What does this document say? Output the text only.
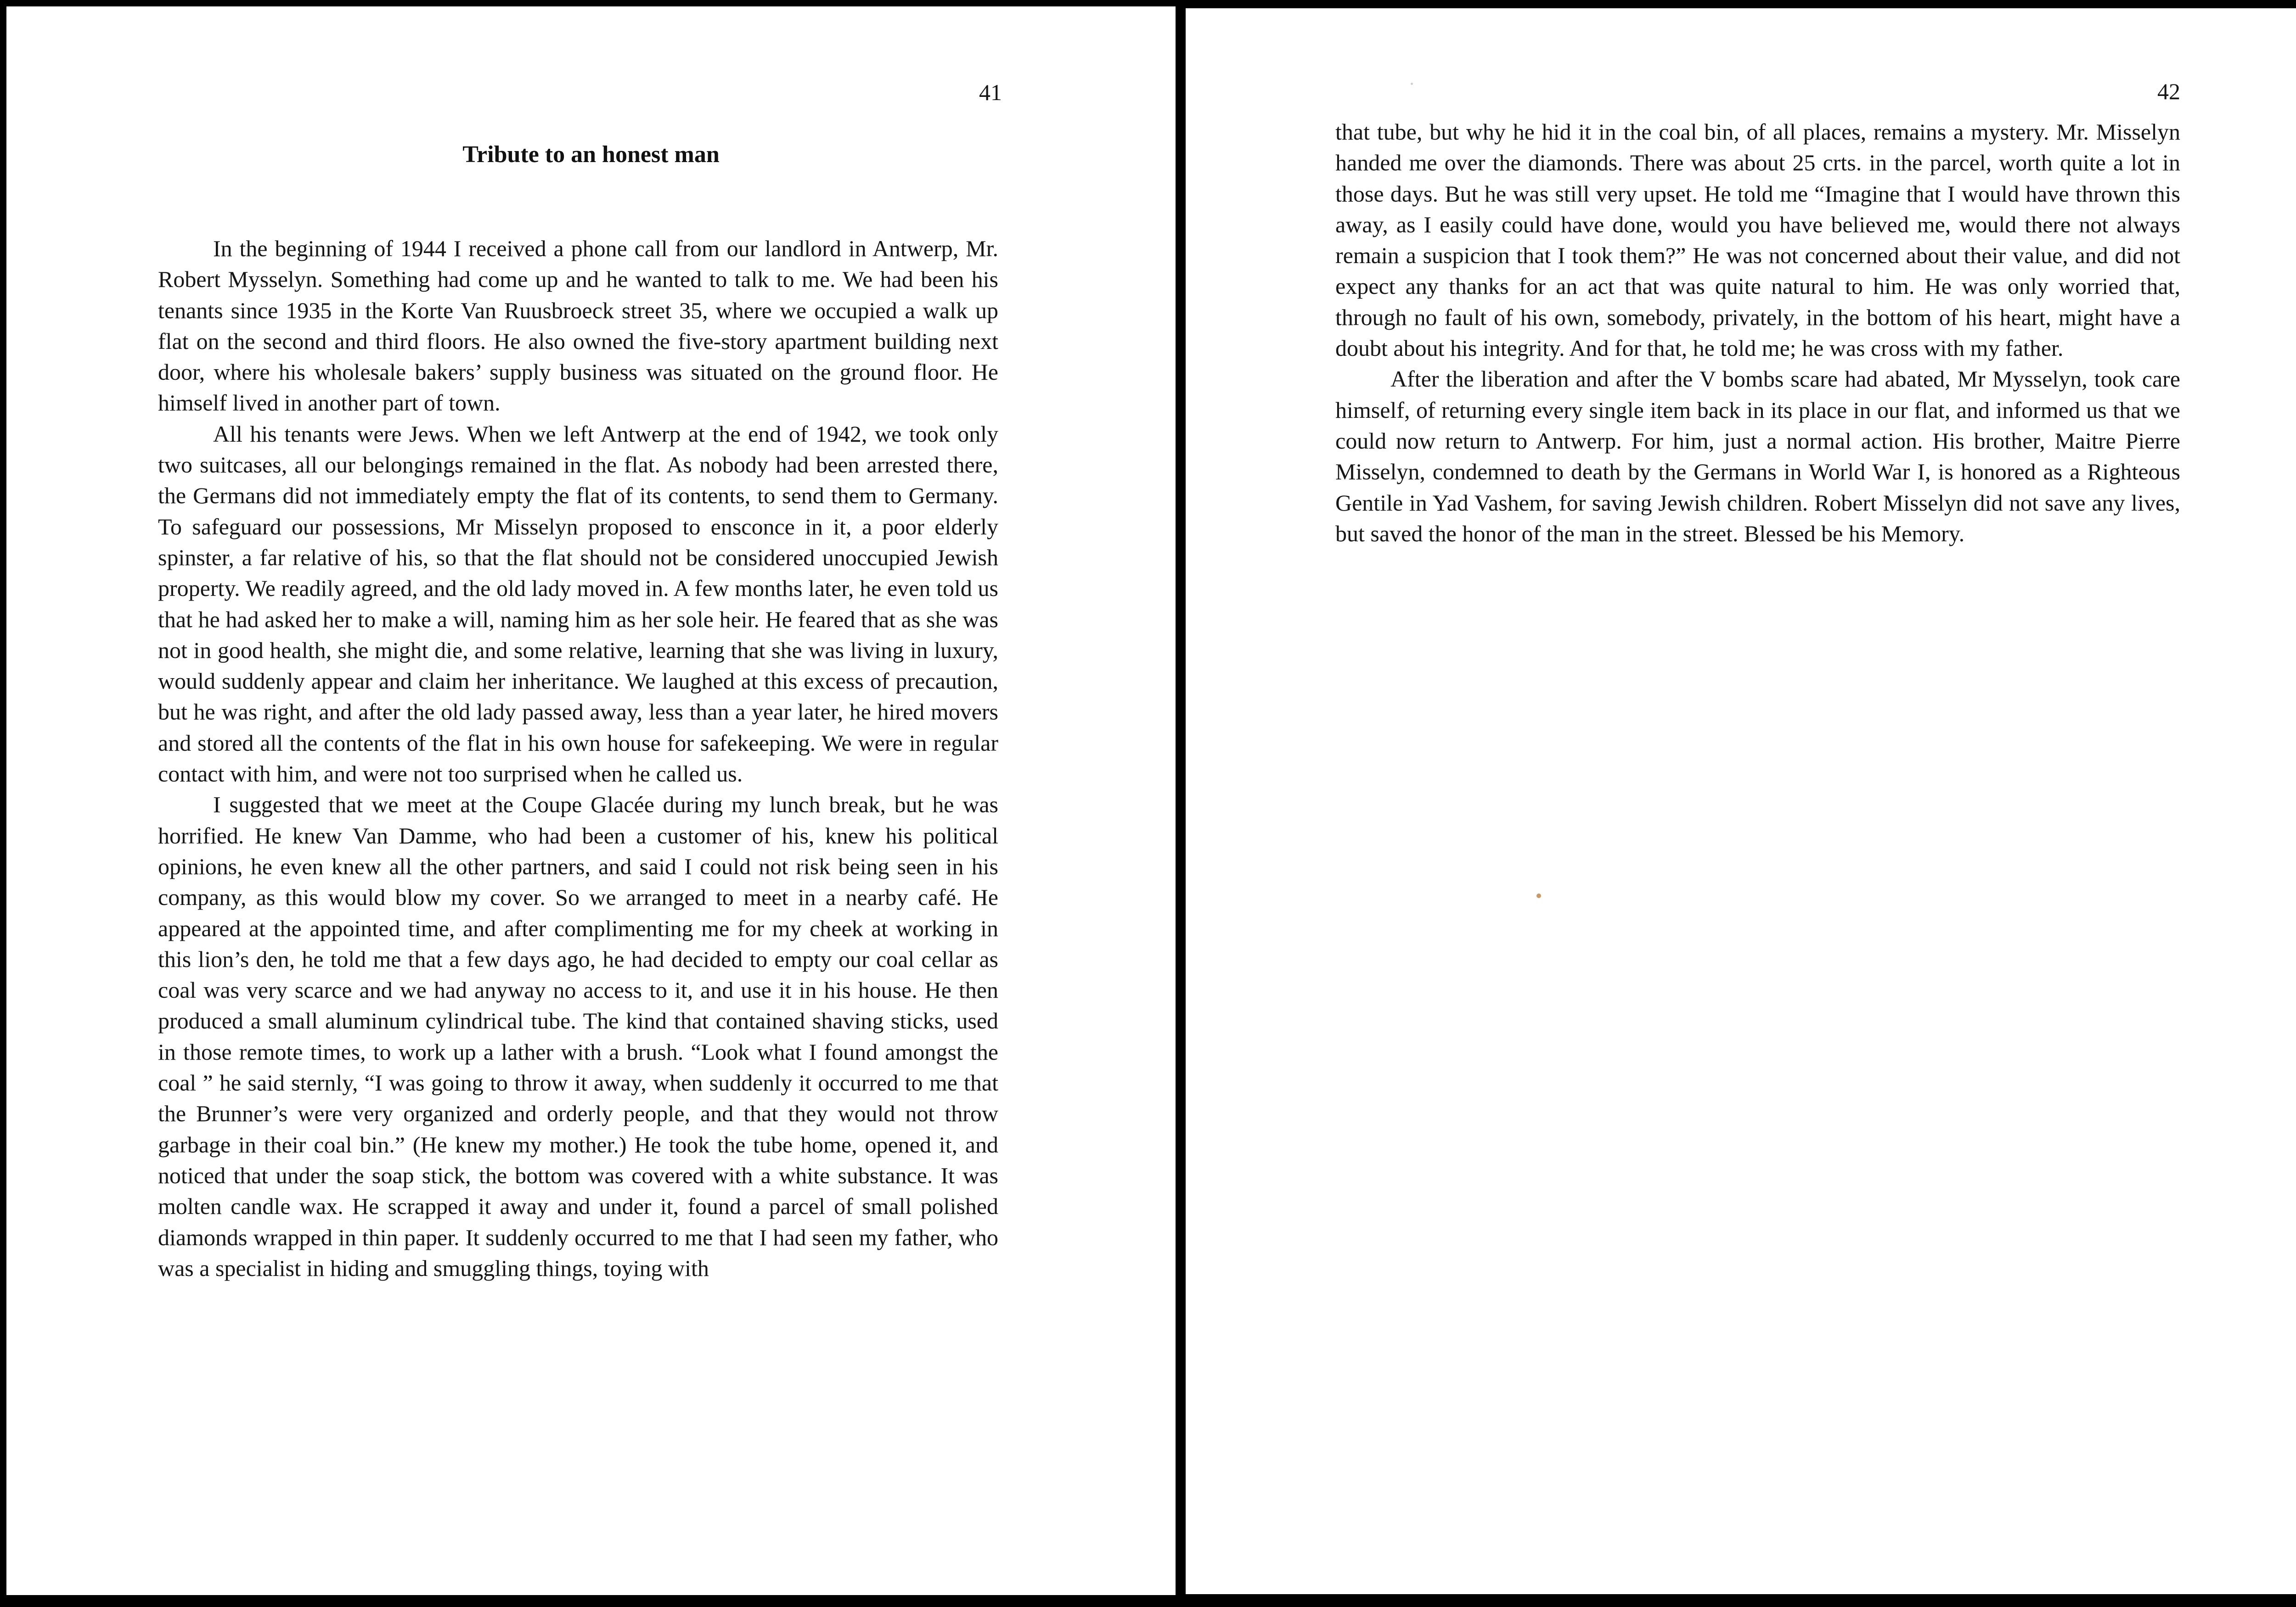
41
Tribute to an honest man

In the beginning of 1944 I received a phone call from our landlord in Antwerp, Mr. Robert Mysselyn. Something had come up and he wanted to talk to me. We had been his tenants since 1935 in the Korte Van Ruusbroeck street 35, where we occupied a walk up flat on the second and third floors. He also owned the five-story apartment building next door, where his wholesale bakers’ supply business was situated on the ground floor. He himself lived in another part of town.

All his tenants were Jews. When we left Antwerp at the end of 1942, we took only two suitcases, all our belongings remained in the flat. As nobody had been arrested there, the Germans did not immediately empty the flat of its contents, to send them to Germany. To safeguard our possessions, Mr Misselyn proposed to ensconce in it, a poor elderly spinster, a far relative of his, so that the flat should not be considered unoccupied Jewish property. We readily agreed, and the old lady moved in. A few months later, he even told us that he had asked her to make a will, naming him as her sole heir. He feared that as she was not in good health, she might die, and some relative, learning that she was living in luxury, would suddenly appear and claim her inheritance. We laughed at this excess of precaution, but he was right, and after the old lady passed away, less than a year later, he hired movers and stored all the contents of the flat in his own house for safekeeping. We were in regular contact with him, and were not too surprised when he called us.

I suggested that we meet at the Coupe Glacée during my lunch break, but he was horrified. He knew Van Damme, who had been a customer of his, knew his political opinions, he even knew all the other partners, and said I could not risk being seen in his company, as this would blow my cover. So we arranged to meet in a nearby café. He appeared at the appointed time, and after complimenting me for my cheek at working in this lion’s den, he told me that a few days ago, he had decided to empty our coal cellar as coal was very scarce and we had anyway no access to it, and use it in his house. He then produced a small aluminum cylindrical tube. The kind that contained shaving sticks, used in those remote times, to work up a lather with a brush. “Look what I found amongst the coal ” he said sternly, “I was going to throw it away, when suddenly it occurred to me that the Brunner’s were very organized and orderly people, and that they would not throw garbage in their coal bin.” (He knew my mother.) He took the tube home, opened it, and noticed that under the soap stick, the bottom was covered with a white substance. It was molten candle wax. He scrapped it away and under it, found a parcel of small polished diamonds wrapped in thin paper. It suddenly occurred to me that I had seen my father, who was a specialist in hiding and smuggling things, toying with

42

that tube, but why he hid it in the coal bin, of all places, remains a mystery. Mr. Misselyn handed me over the diamonds. There was about 25 crts. in the parcel, worth quite a lot in those days. But he was still very upset. He told me “Imagine that I would have thrown this away, as I easily could have done, would you have believed me, would there not always remain a suspicion that I took them?” He was not concerned about their value, and did not expect any thanks for an act that was quite natural to him. He was only worried that, through no fault of his own, somebody, privately, in the bottom of his heart, might have a doubt about his integrity. And for that, he told me; he was cross with my father.

After the liberation and after the V bombs scare had abated, Mr Mysselyn, took care himself, of returning every single item back in its place in our flat, and informed us that we could now return to Antwerp. For him, just a normal action. His brother, Maitre Pierre Misselyn, condemned to death by the Germans in World War I, is honored as a Righteous Gentile in Yad Vashem, for saving Jewish children. Robert Misselyn did not save any lives, but saved the honor of the man in the street. Blessed be his Memory.
